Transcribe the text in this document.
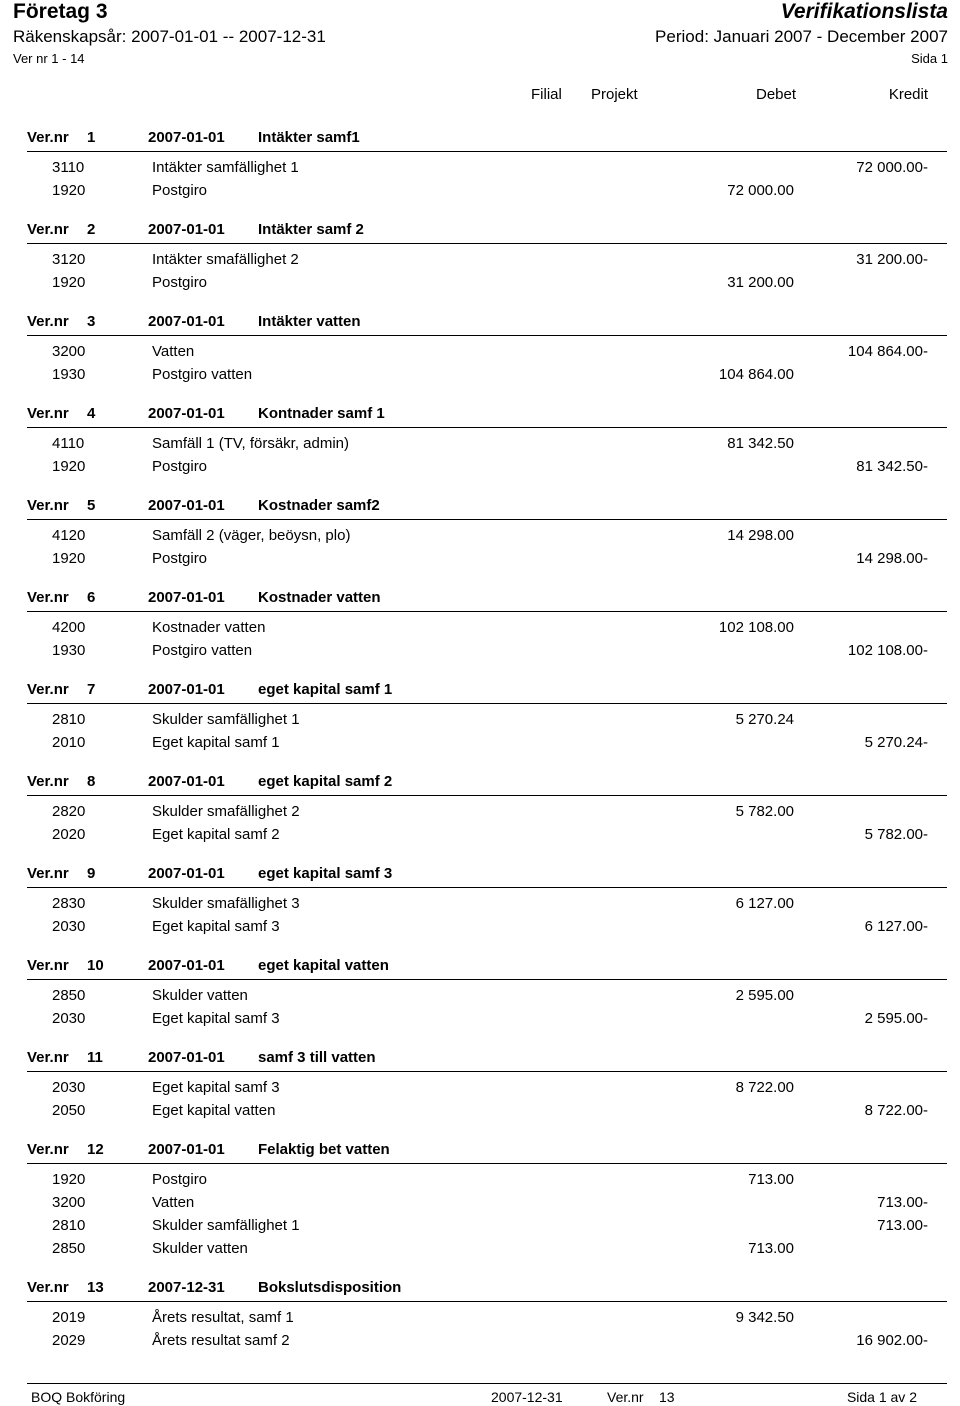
Företag 3	Verifikationslista
Räkenskapsår: 2007-01-01 -- 2007-12-31	Period: Januari 2007 - December 2007
Ver nr 1 - 14	Sida 1
Filial Projekt	Debet	Kredit
Ver.nr 1	2007-01-01 Intäkter samf1
3110	Intäkter samfällighet 1	72 000.00-
1920	Postgiro	72 000.00
Ver.nr 2	2007-01-01 Intäkter samf 2
3120	Intäkter smafällighet 2	31 200.00-
1920	Postgiro	31 200.00
Ver.nr 3	2007-01-01 Intäkter vatten
3200	Vatten	104 864.00-
1930	Postgiro vatten	104 864.00
Ver.nr 4	2007-01-01 Kontnader samf 1
4110	Samfäll 1 (TV, försäkr, admin)	81 342.50
1920	Postgiro	81 342.50-
Ver.nr 5	2007-01-01 Kostnader samf2
4120	Samfäll 2 (väger, beöysn, plo)	14 298.00
1920	Postgiro	14 298.00-
Ver.nr 6	2007-01-01 Kostnader vatten
4200	Kostnader vatten	102 108.00
1930	Postgiro vatten	102 108.00-
Ver.nr 7	2007-01-01 eget kapital samf 1
2810	Skulder samfällighet 1	5 270.24
2010	Eget kapital samf 1	5 270.24-
Ver.nr 8	2007-01-01 eget kapital samf 2
2820	Skulder smafällighet 2	5 782.00
2020	Eget kapital samf 2	5 782.00-
Ver.nr 9	2007-01-01 eget kapital samf 3
2830	Skulder smafällighet 3	6 127.00
2030	Eget kapital samf 3	6 127.00-
Ver.nr 10	2007-01-01 eget kapital vatten
2850	Skulder vatten	2 595.00
2030	Eget kapital samf 3	2 595.00-
Ver.nr 11	2007-01-01 samf 3 till vatten
2030	Eget kapital samf 3	8 722.00
2050	Eget kapital vatten	8 722.00-
Ver.nr 12	2007-01-01 Felaktig bet vatten
1920	Postgiro	713.00
3200	Vatten	713.00-
2810	Skulder samfällighet 1	713.00-
2850	Skulder vatten	713.00
Ver.nr 13	2007-12-31 Bokslutsdisposition
2019	Årets resultat, samf 1	9 342.50
2029	Årets resultat samf 2	16 902.00-
BOQ Bokföring	2007-12-31	Ver.nr 13	Sida 1 av 2
